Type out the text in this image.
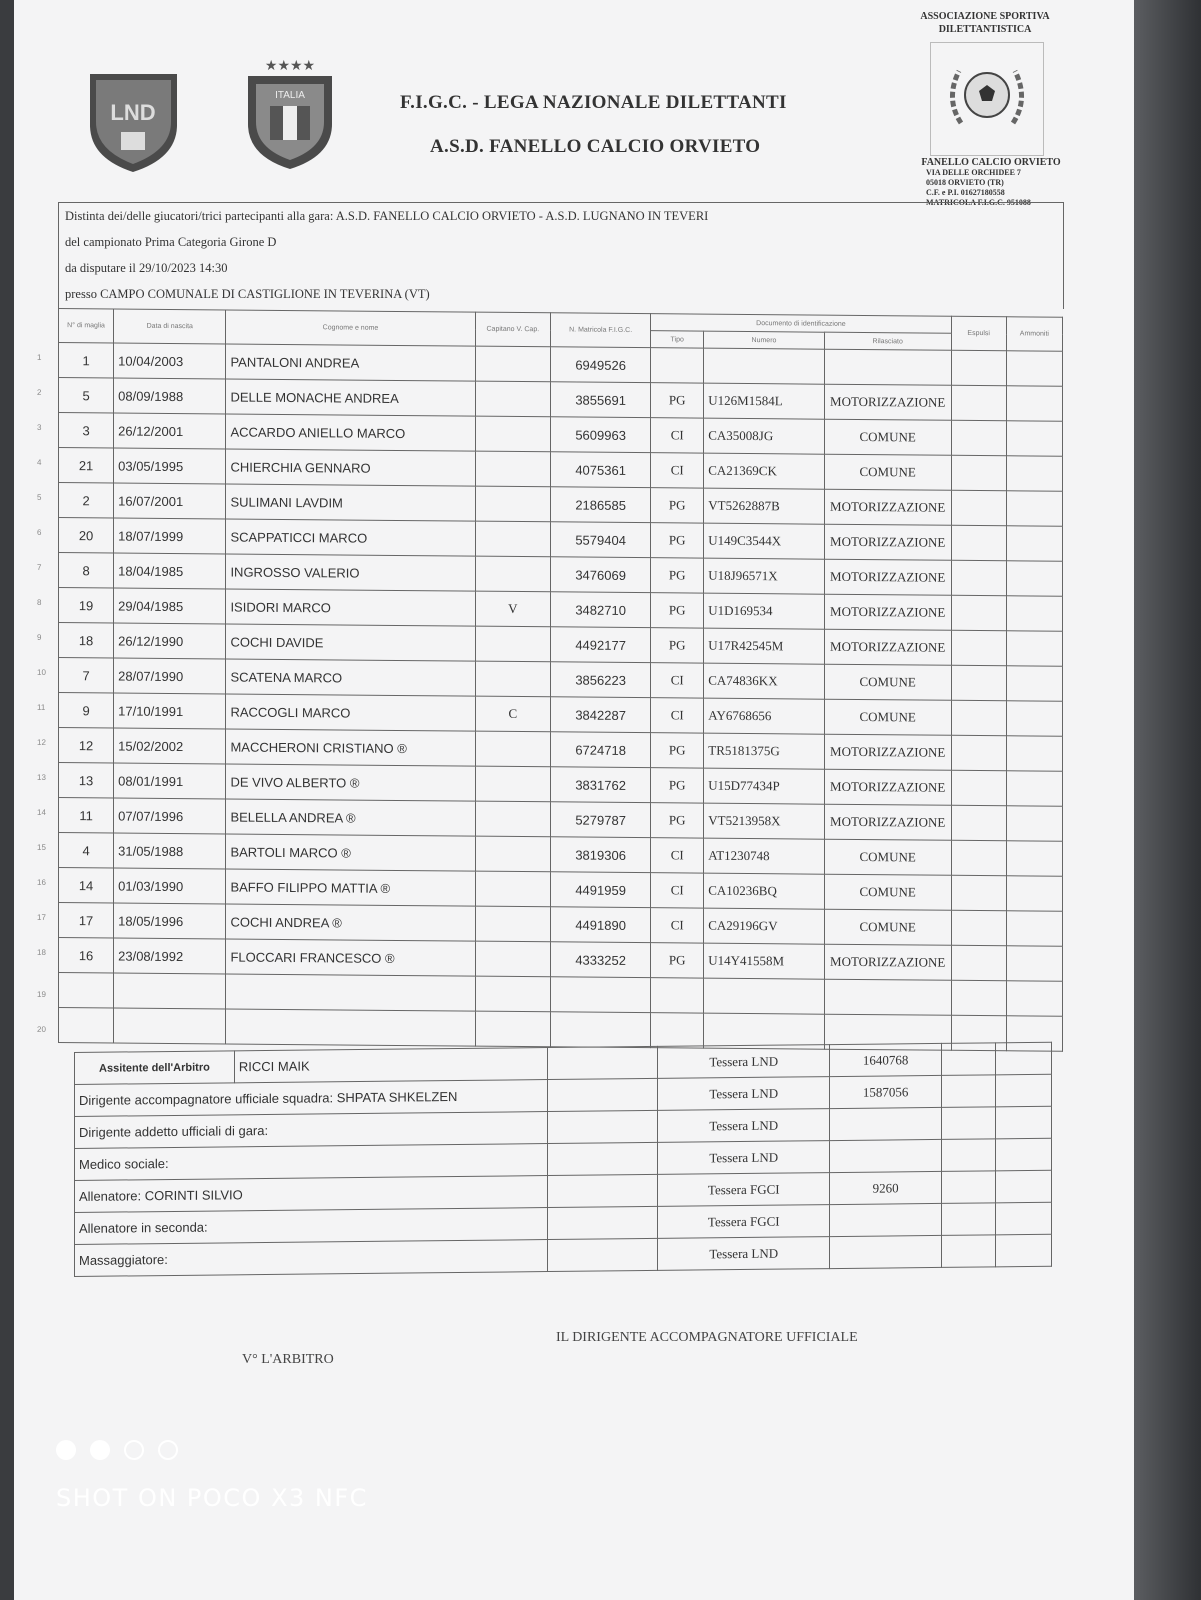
LND
★★★★
ITALIA	F.I.G.C. - LEGA NAZIONALE DILETTANTI
A.S.D. FANELLO CALCIO ORVIETO
ASSOCIAZIONE SPORTIVA
DILETTANTISTICA
FANELLO CALCIO ORVIETO
VIA DELLE ORCHIDEE 7
05018 ORVIETO (TR)
C.F. e P.I. 01627180558
MATRICOLA F.I.G.C. 951088
Distinta dei/delle giucatori/trici partecipanti alla gara: A.S.D. FANELLO CALCIO ORVIETO - A.S.D. LUGNANO IN TEVERI
del campionato Prima Categoria Girone D
da disputare il 29/10/2023 14:30
presso CAMPO COMUNALE DI CASTIGLIONE IN TEVERINA (VT)
N° di maglia	Data di nascita	Cognome e nome	Capitano V. Cap.	N. Matricola F.I.G.C.	Documento di identificazione			Espulsi	Ammoniti
					Tipo	Numero	Rilasciato		

1 1	10/04/2003	PANTALONI ANDREA		6949526					

2 5	08/09/1988	DELLE MONACHE ANDREA		3855691	PG	U126M1584L	MOTORIZZAZIONE		

3 3	26/12/2001	ACCARDO ANIELLO MARCO		5609963	CI	CA35008JG	COMUNE		

4 21	03/05/1995	CHIERCHIA GENNARO		4075361	CI	CA21369CK	COMUNE		

5 2	16/07/2001	SULIMANI LAVDIM		2186585	PG	VT5262887B	MOTORIZZAZIONE		

6 20	18/07/1999	SCAPPATICCI MARCO		5579404	PG	U149C3544X	MOTORIZZAZIONE		

7 8	18/04/1985	INGROSSO VALERIO		3476069	PG	U18J96571X	MOTORIZZAZIONE		

8 19	29/04/1985	ISIDORI MARCO	V	3482710	PG	U1D169534	MOTORIZZAZIONE		

9 18	26/12/1990	COCHI DAVIDE		4492177	PG	U17R42545M	MOTORIZZAZIONE		

10 7	28/07/1990	SCATENA MARCO		3856223	CI	CA74836KX	COMUNE		

11 9	17/10/1991	RACCOGLI MARCO	C	3842287	CI	AY6768656	COMUNE		

12 12	15/02/2002	MACCHERONI CRISTIANO ®		6724718	PG	TR5181375G	MOTORIZZAZIONE		

13 13	08/01/1991	DE VIVO ALBERTO ®		3831762	PG	U15D77434P	MOTORIZZAZIONE		

14 11	07/07/1996	BELELLA ANDREA ®		5279787	PG	VT5213958X	MOTORIZZAZIONE		

15 4	31/05/1988	BARTOLI MARCO ®		3819306	CI	AT1230748	COMUNE		

16 14	01/03/1990	BAFFO FILIPPO MATTIA ®		4491959	CI	CA10236BQ	COMUNE		

17 17	18/05/1996	COCHI ANDREA ®		4491890	CI	CA29196GV	COMUNE		

18 16	23/08/1992	FLOCCARI FRANCESCO ®		4333252	PG	U14Y41558M	MOTORIZZAZIONE		

19									

20									

Assitente dell'Arbitro	RICCI MAIK		Tessera LND	1640768		
Dirigente accompagnatore ufficiale squadra: SHPATA SHKELZEN			Tessera LND	1587056		
Dirigente addetto ufficiali di gara:			Tessera LND			
Medico sociale:			Tessera LND			
Allenatore: CORINTI SILVIO			Tessera FGCI	9260		
Allenatore in seconda:			Tessera FGCI			
Massaggiatore:			Tessera LND			
V° L'ARBITRO
IL DIRIGENTE ACCOMPAGNATORE UFFICIALE
SHOT ON POCO X3 NFC
